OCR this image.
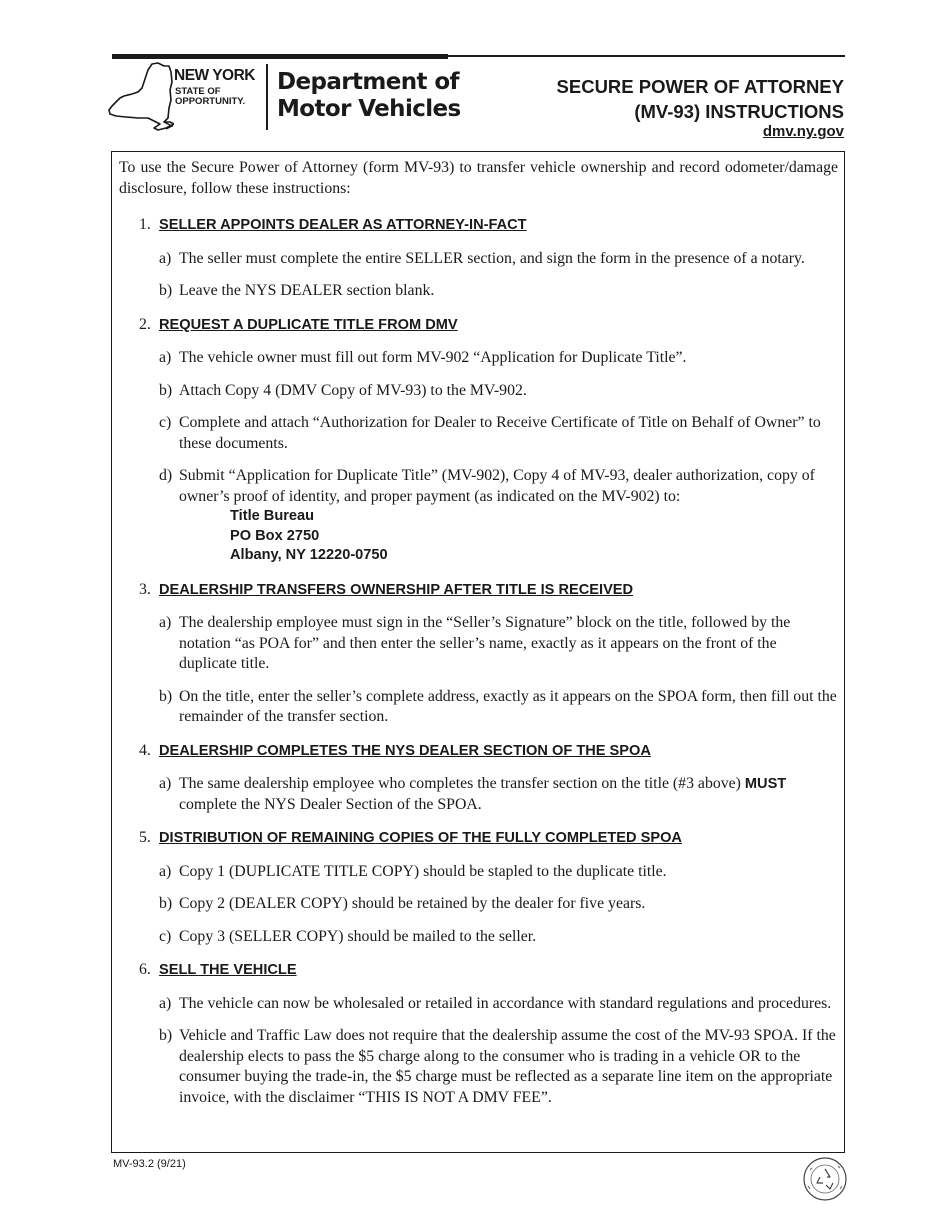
NEW YORK
STATE OF
OPPORTUNITY.
Department of
Motor Vehicles
SECURE POWER OF ATTORNEY
(MV-93) INSTRUCTIONS
dmv.ny.gov

To use the Secure Power of Attorney (form MV-93) to transfer vehicle ownership and record odometer/damage disclosure, follow these instructions:

1. SELLER APPOINTS DEALER AS ATTORNEY-IN-FACT
a) The seller must complete the entire SELLER section, and sign the form in the presence of a notary.
b) Leave the NYS DEALER section blank.
2. REQUEST A DUPLICATE TITLE FROM DMV
a) The vehicle owner must fill out form MV-902 “Application for Duplicate Title”.
b) Attach Copy 4 (DMV Copy of MV-93) to the MV-902.
c) Complete and attach “Authorization for Dealer to Receive Certificate of Title on Behalf of Owner” to these documents.
d) Submit “Application for Duplicate Title” (MV-902), Copy 4 of MV-93, dealer authorization, copy of owner’s proof of identity, and proper payment (as indicated on the MV-902) to:
Title Bureau
PO Box 2750
Albany, NY 12220-0750
3. DEALERSHIP TRANSFERS OWNERSHIP AFTER TITLE IS RECEIVED
a) The dealership employee must sign in the “Seller’s Signature” block on the title, followed by the notation “as POA for” and then enter the seller’s name, exactly as it appears on the front of the duplicate title.
b) On the title, enter the seller’s complete address, exactly as it appears on the SPOA form, then fill out the remainder of the transfer section.
4. DEALERSHIP COMPLETES THE NYS DEALER SECTION OF THE SPOA
a) The same dealership employee who completes the transfer section on the title (#3 above) MUST complete the NYS Dealer Section of the SPOA.
5. DISTRIBUTION OF REMAINING COPIES OF THE FULLY COMPLETED SPOA
a) Copy 1 (DUPLICATE TITLE COPY) should be stapled to the duplicate title.
b) Copy 2 (DEALER COPY) should be retained by the dealer for five years.
c) Copy 3 (SELLER COPY) should be mailed to the seller.
6. SELL THE VEHICLE
a) The vehicle can now be wholesaled or retailed in accordance with standard regulations and procedures.
b) Vehicle and Traffic Law does not require that the dealership assume the cost of the MV-93 SPOA. If the dealership elects to pass the $5 charge along to the consumer who is trading in a vehicle OR to the consumer buying the trade-in, the $5 charge must be reflected as a separate line item on the appropriate invoice, with the disclaimer “THIS IS NOT A DMV FEE”.
MV-93.2 (9/21)
